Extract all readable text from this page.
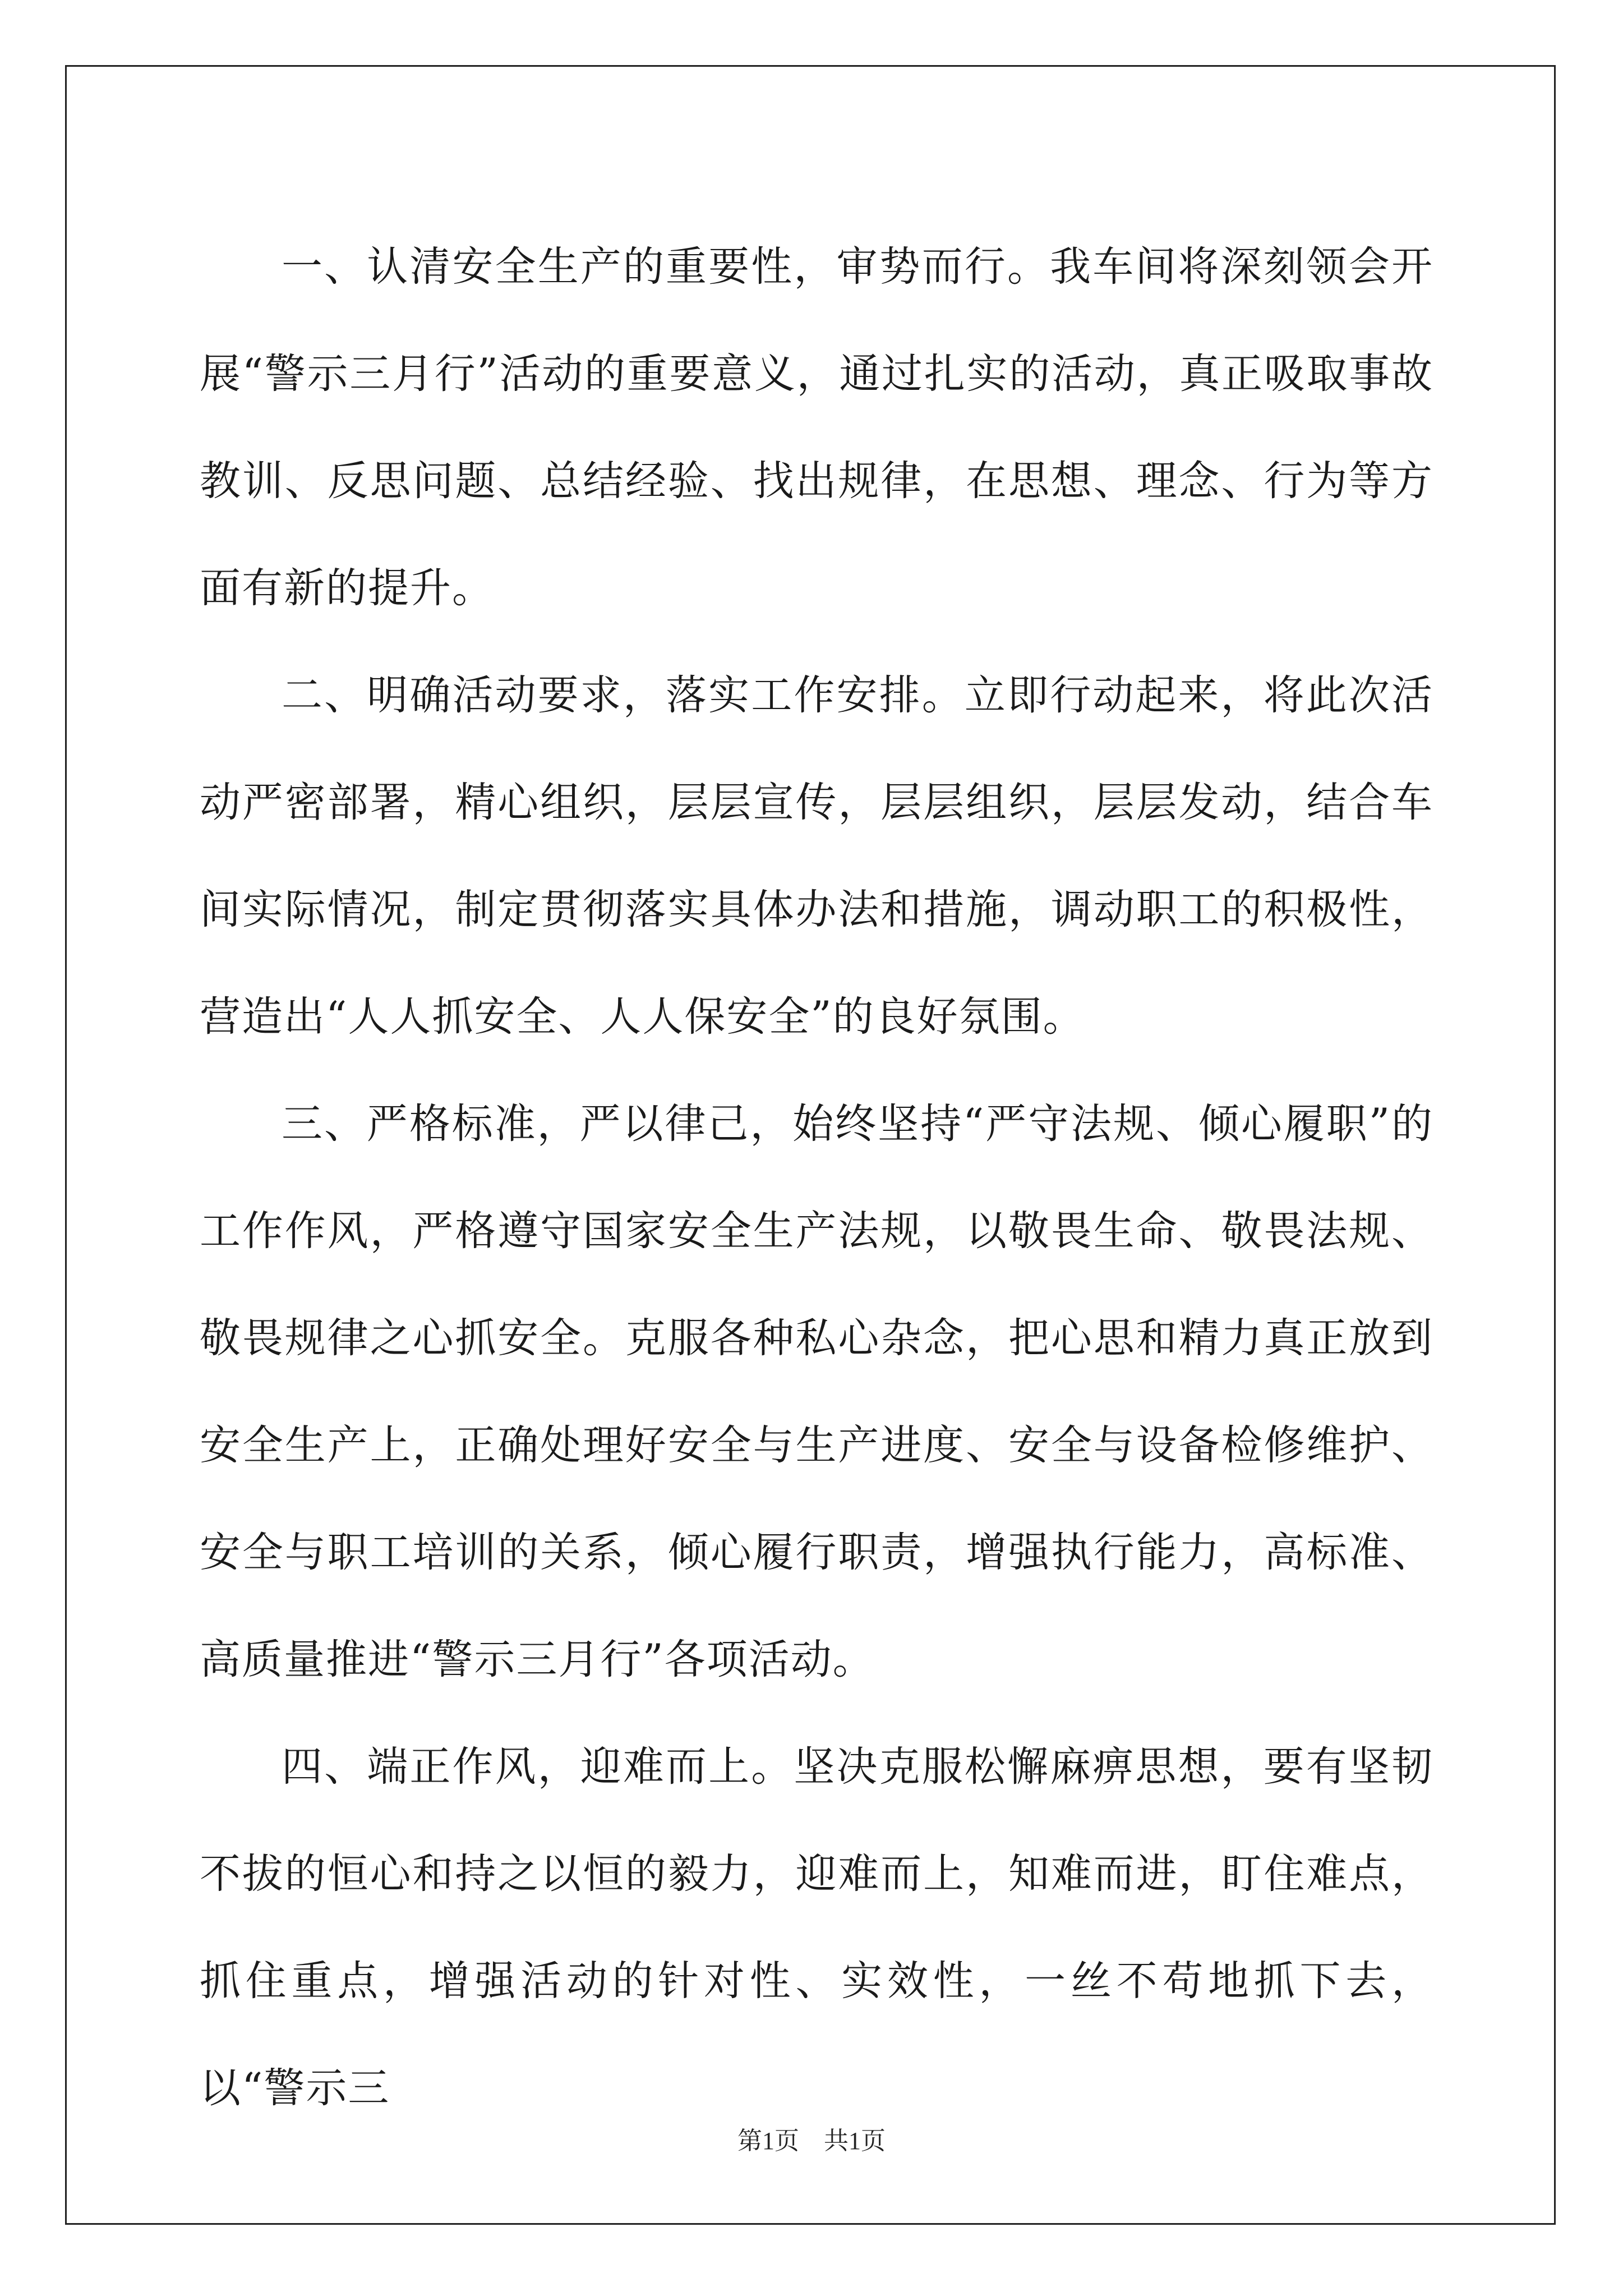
一、认清安全生产的重要性，审势而行。我车间将深刻领会开展“警示三月行”活动的重要意义，通过扎实的活动，真正吸取事故教训、反思问题、总结经验、找出规律，在思想、理念、行为等方面有新的提升。

二、明确活动要求，落实工作安排。立即行动起来，将此次活动严密部署，精心组织，层层宣传，层层组织，层层发动，结合车间实际情况，制定贯彻落实具体办法和措施，调动职工的积极性，营造出“人人抓安全、人人保安全”的良好氛围。

三、严格标准，严以律己，始终坚持“严守法规、倾心履职”的工作作风，严格遵守国家安全生产法规，以敬畏生命、敬畏法规、敬畏规律之心抓安全。克服各种私心杂念，把心思和精力真正放到安全生产上，正确处理好安全与生产进度、安全与设备检修维护、安全与职工培训的关系，倾心履行职责，增强执行能力，高标准、高质量推进“警示三月行”各项活动。

四、端正作风，迎难而上。坚决克服松懈麻痹思想，要有坚韧不拔的恒心和持之以恒的毅力，迎难而上，知难而进，盯住难点，抓住重点，增强活动的针对性、实效性，一丝不苟地抓下去，以“警示三

第1页　共1页
